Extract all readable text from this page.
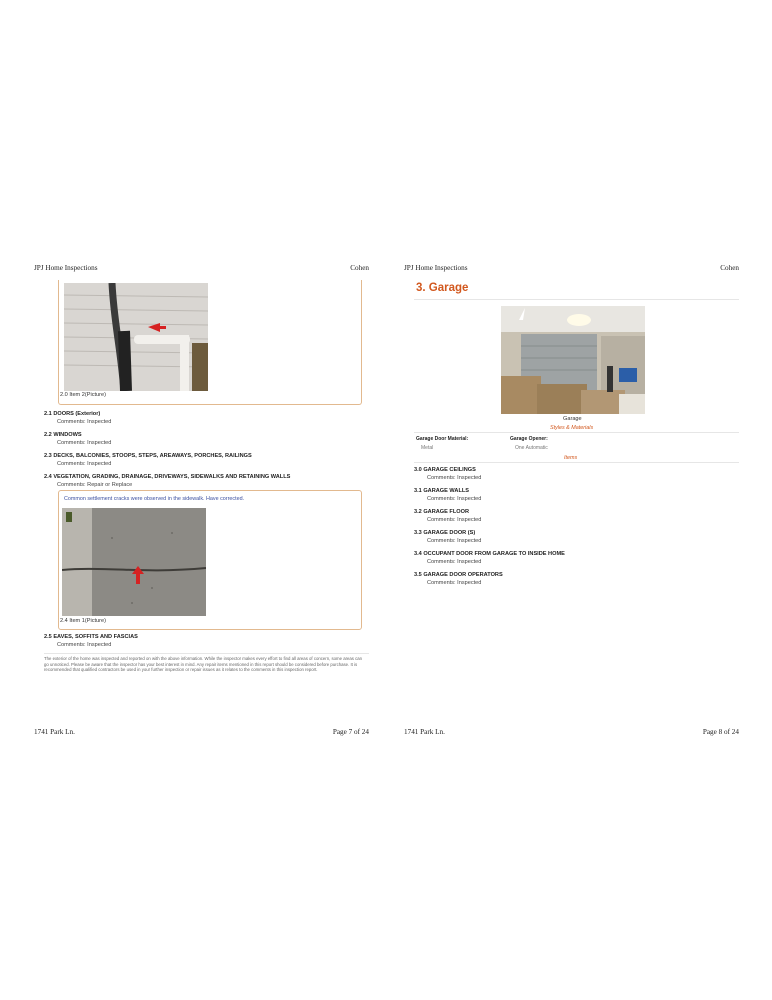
JPJ Home Inspections	Cohen
2.0 Item 2(Picture)
2.1 DOORS (Exterior)
Comments: Inspected
2.2 WINDOWS
Comments: Inspected
2.3 DECKS, BALCONIES, STOOPS, STEPS, AREAWAYS, PORCHES, RAILINGS
Comments: Inspected
2.4 VEGETATION, GRADING, DRAINAGE, DRIVEWAYS, SIDEWALKS AND RETAINING WALLS
Comments: Repair or Replace
Common settlement cracks were observed in the sidewalk. Have corrected.
2.4 Item 1(Picture)
2.5 EAVES, SOFFITS AND FASCIAS
Comments: Inspected
The exterior of the home was inspected and reported on with the above information. While the inspector makes every effort to find all areas of concern, some areas can go unnoticed. Please be aware that the inspector has your best interest in mind. Any repair items mentioned in this report should be considered before purchase. It is recommended that qualified contractors be used in your further inspection or repair issues as it relates to the comments in this inspection report.
1741 Park Ln.	Page 7 of 24
JPJ Home Inspections	Cohen
3. Garage
Garage
Styles & Materials
Garage Door Material:
Metal
Garage Opener:
One Automatic
Items
3.0 GARAGE CEILINGS
Comments: Inspected
3.1 GARAGE WALLS
Comments: Inspected
3.2 GARAGE FLOOR
Comments: Inspected
3.3 GARAGE DOOR (S)
Comments: Inspected
3.4 OCCUPANT DOOR FROM GARAGE TO INSIDE HOME
Comments: Inspected
3.5 GARAGE DOOR OPERATORS
Comments: Inspected
1741 Park Ln.	Page 8 of 24
